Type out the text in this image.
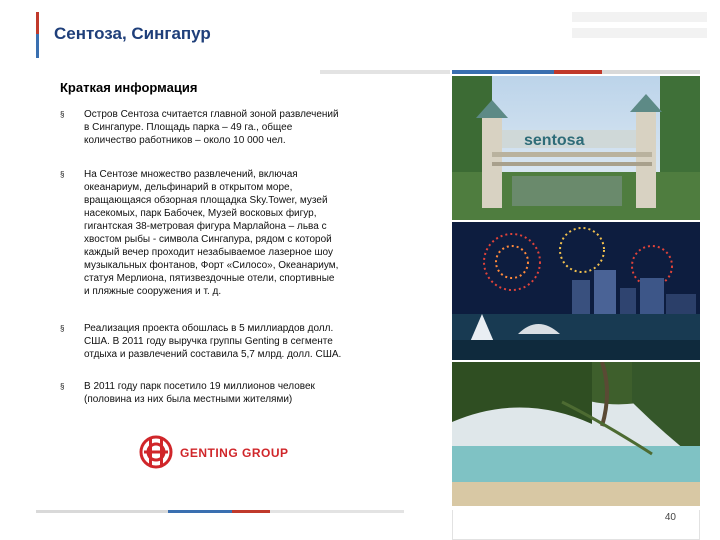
Сентоза, Сингапур
Краткая информация
§ Остров Сентоза считается главной зоной развлечений
в Сингапуре. Площадь парка – 49 га., общее
количество работников – около 10 000 чел.
§ На Сентозе множество развлечений, включая
океанариум, дельфинарий в открытом море,
вращающаяся обзорная площадка Sky.Tower, музей
насекомых, парк Бабочек, Музей восковых фигур,
гигантская 38-метровая фигура Марлайона – льва с
хвостом рыбы - символа Сингапура, рядом с которой
каждый вечер проходит незабываемое лазерное шоу
музыкальных фонтанов, Форт «Силосо», Океанариум,
статуя Мерлиона, пятизвездочные отели, спортивные
и пляжные сооружения и т. д.
§ Реализация проекта обошлась в 5 миллиардов долл.
США. В 2011 году выручка группы Genting в сегменте
отдыха и развлечений составила 5,7 млрд. долл. США.
§ В 2011 году парк посетило 19 миллионов человек
(половина из них была местными жителями)
GENTING GROUP
sentosa
40
